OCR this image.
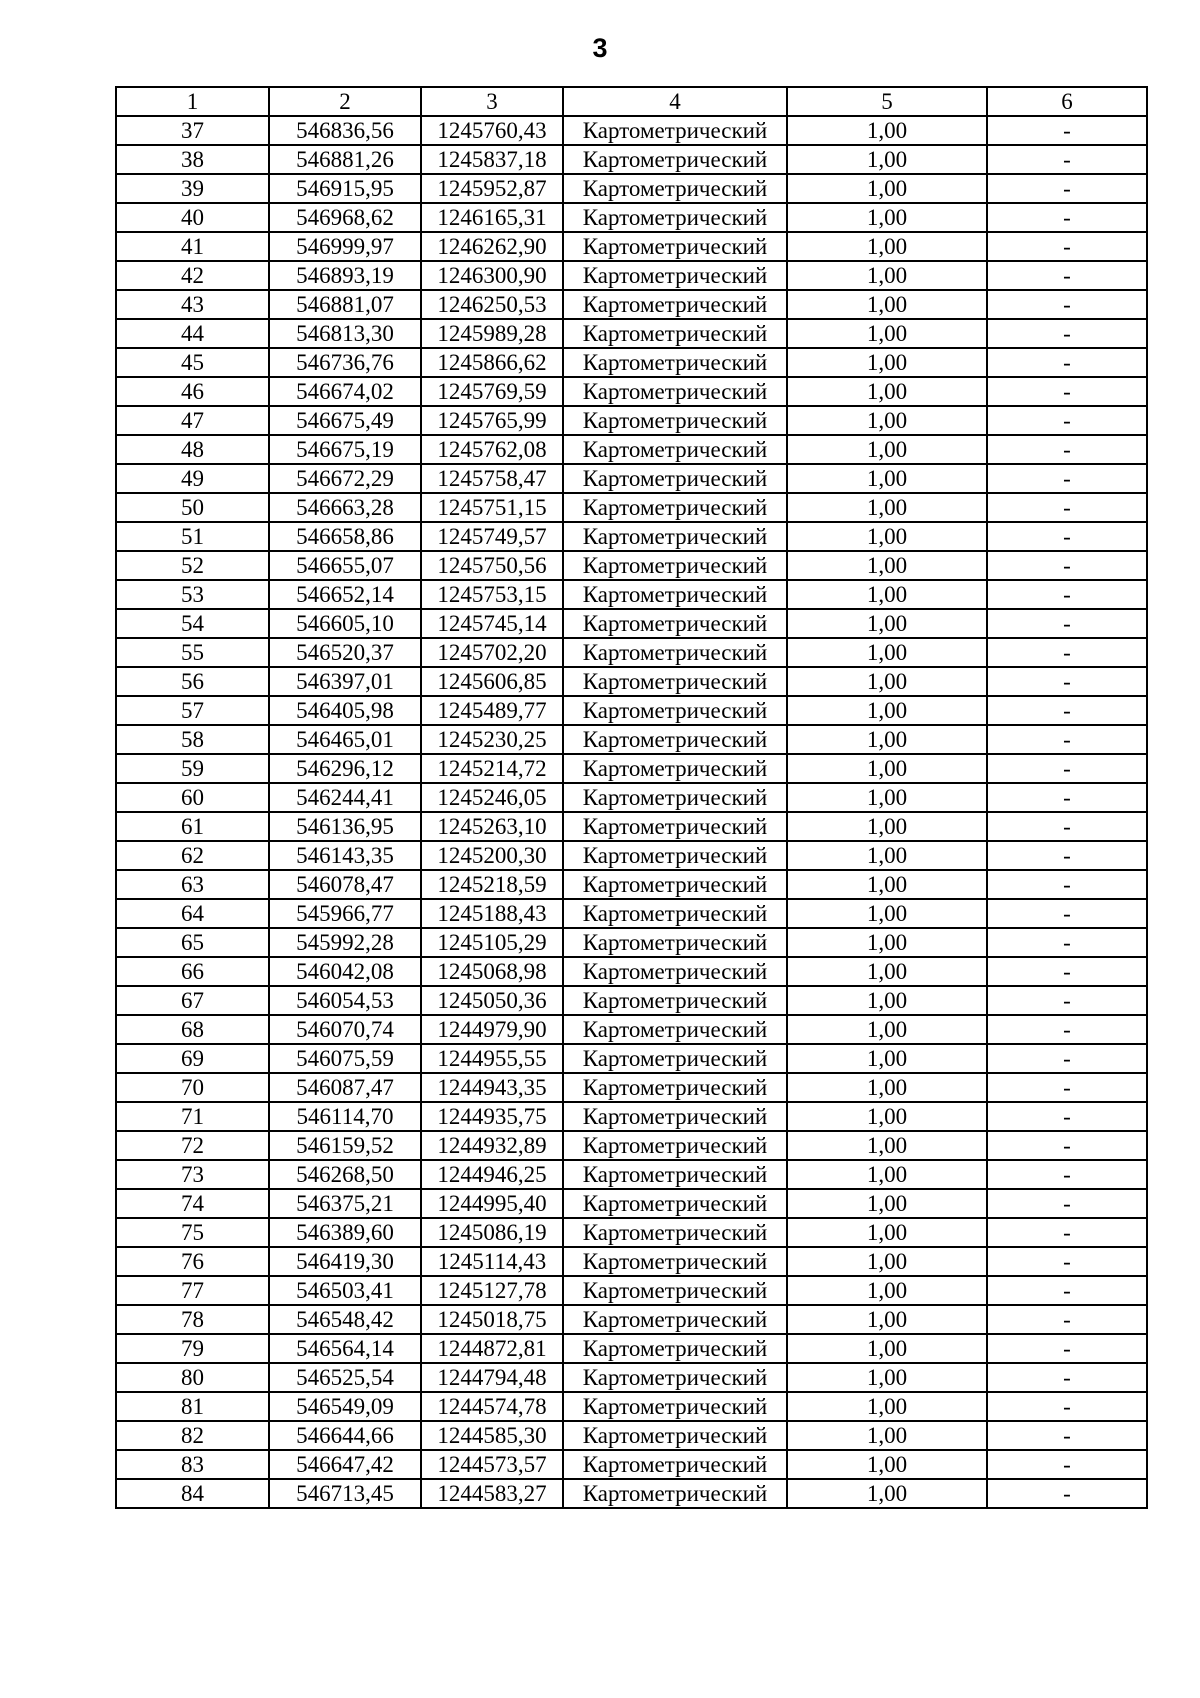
3
1	2	3	4	5	6
37	546836,56	1245760,43	Картометрический	1,00	-
38	546881,26	1245837,18	Картометрический	1,00	-
39	546915,95	1245952,87	Картометрический	1,00	-
40	546968,62	1246165,31	Картометрический	1,00	-
41	546999,97	1246262,90	Картометрический	1,00	-
42	546893,19	1246300,90	Картометрический	1,00	-
43	546881,07	1246250,53	Картометрический	1,00	-
44	546813,30	1245989,28	Картометрический	1,00	-
45	546736,76	1245866,62	Картометрический	1,00	-
46	546674,02	1245769,59	Картометрический	1,00	-
47	546675,49	1245765,99	Картометрический	1,00	-
48	546675,19	1245762,08	Картометрический	1,00	-
49	546672,29	1245758,47	Картометрический	1,00	-
50	546663,28	1245751,15	Картометрический	1,00	-
51	546658,86	1245749,57	Картометрический	1,00	-
52	546655,07	1245750,56	Картометрический	1,00	-
53	546652,14	1245753,15	Картометрический	1,00	-
54	546605,10	1245745,14	Картометрический	1,00	-
55	546520,37	1245702,20	Картометрический	1,00	-
56	546397,01	1245606,85	Картометрический	1,00	-
57	546405,98	1245489,77	Картометрический	1,00	-
58	546465,01	1245230,25	Картометрический	1,00	-
59	546296,12	1245214,72	Картометрический	1,00	-
60	546244,41	1245246,05	Картометрический	1,00	-
61	546136,95	1245263,10	Картометрический	1,00	-
62	546143,35	1245200,30	Картометрический	1,00	-
63	546078,47	1245218,59	Картометрический	1,00	-
64	545966,77	1245188,43	Картометрический	1,00	-
65	545992,28	1245105,29	Картометрический	1,00	-
66	546042,08	1245068,98	Картометрический	1,00	-
67	546054,53	1245050,36	Картометрический	1,00	-
68	546070,74	1244979,90	Картометрический	1,00	-
69	546075,59	1244955,55	Картометрический	1,00	-
70	546087,47	1244943,35	Картометрический	1,00	-
71	546114,70	1244935,75	Картометрический	1,00	-
72	546159,52	1244932,89	Картометрический	1,00	-
73	546268,50	1244946,25	Картометрический	1,00	-
74	546375,21	1244995,40	Картометрический	1,00	-
75	546389,60	1245086,19	Картометрический	1,00	-
76	546419,30	1245114,43	Картометрический	1,00	-
77	546503,41	1245127,78	Картометрический	1,00	-
78	546548,42	1245018,75	Картометрический	1,00	-
79	546564,14	1244872,81	Картометрический	1,00	-
80	546525,54	1244794,48	Картометрический	1,00	-
81	546549,09	1244574,78	Картометрический	1,00	-
82	546644,66	1244585,30	Картометрический	1,00	-
83	546647,42	1244573,57	Картометрический	1,00	-
84	546713,45	1244583,27	Картометрический	1,00	-
